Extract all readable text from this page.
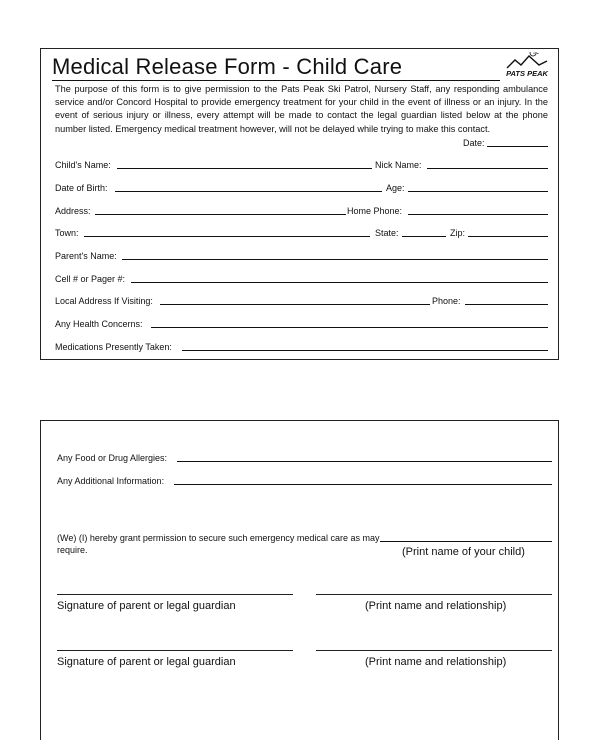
Medical Release Form - Child Care	PATS PEAK

The purpose of this form is to give permission to the Pats Peak Ski Patrol, Nursery Staff, any responding ambulance service and/or Concord Hospital to provide emergency treatment for your child in the event of illness or an injury. In the event of serious injury or illness, every attempt will be made to contact the legal guardian listed below at the phone number listed. Emergency medical treatment however, will not be delayed while trying to make this contact.

Date:
Child's Name:	Nick Name:
Date of Birth:	Age:
Address:	Home Phone:
Town:	State:	Zip:
Parent's Name:
Cell # or Pager #:
Local Address If Visiting:	Phone:
Any Health Concerns:
Medications Presently Taken:
Any Food or Drug Allergies:
Any Additional Information:

(We) (I) hereby grant permission to secure such emergency medical care as may require.	(Print name of your child)
Signature of parent or legal guardian	(Print name and relationship)
Signature of parent or legal guardian	(Print name and relationship)
